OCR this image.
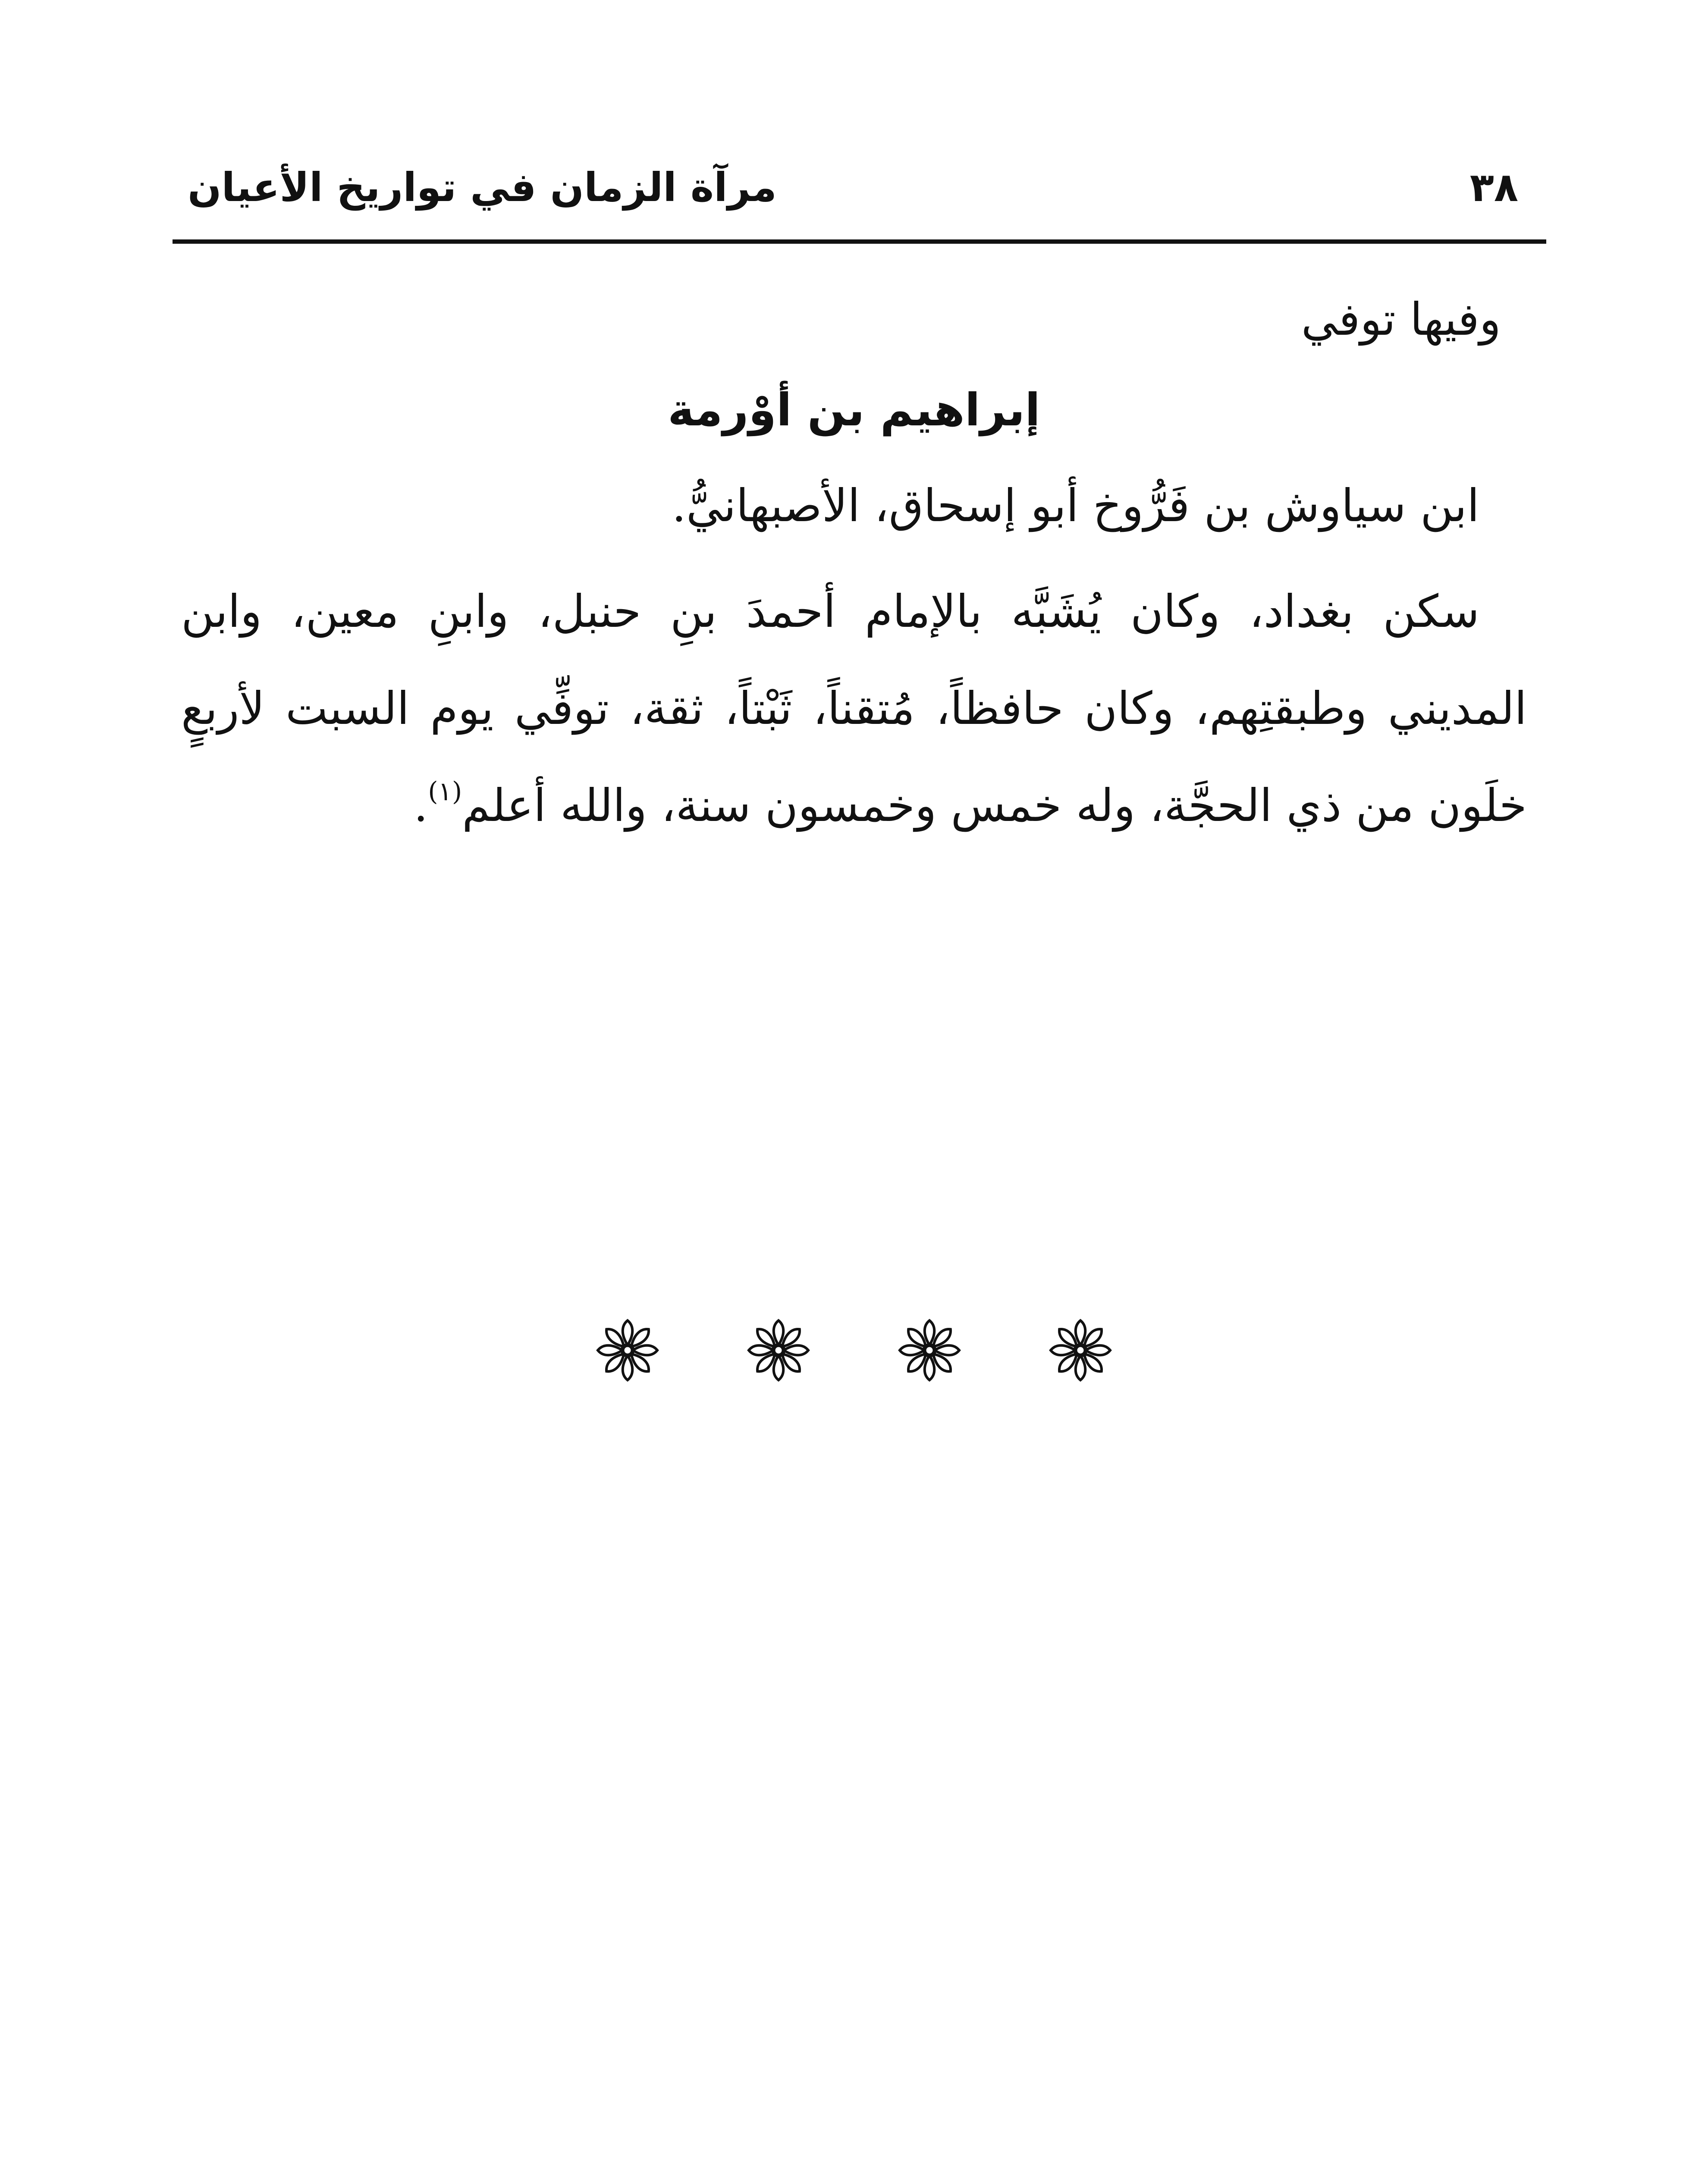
٣٨
مرآة الزمان في تواريخ الأعيان

وفيها توفي

إبراهيم بن أوْرمة

ابن سياوش بن فَرُّوخ أبو إسحاق، الأصبهانيُّ.

سكن بغداد، وكان يُشَبَّه بالإمام أحمدَ بنِ حنبل، وابنِ معين، وابن المديني وطبقتِهم، وكان حافظاً، مُتقناً، ثَبْتاً، ثقة، توفِّي يوم السبت لأربعٍ خلَون من ذي الحجَّة، وله خمس وخمسون سنة، والله أعلم$^{(١)}$.
